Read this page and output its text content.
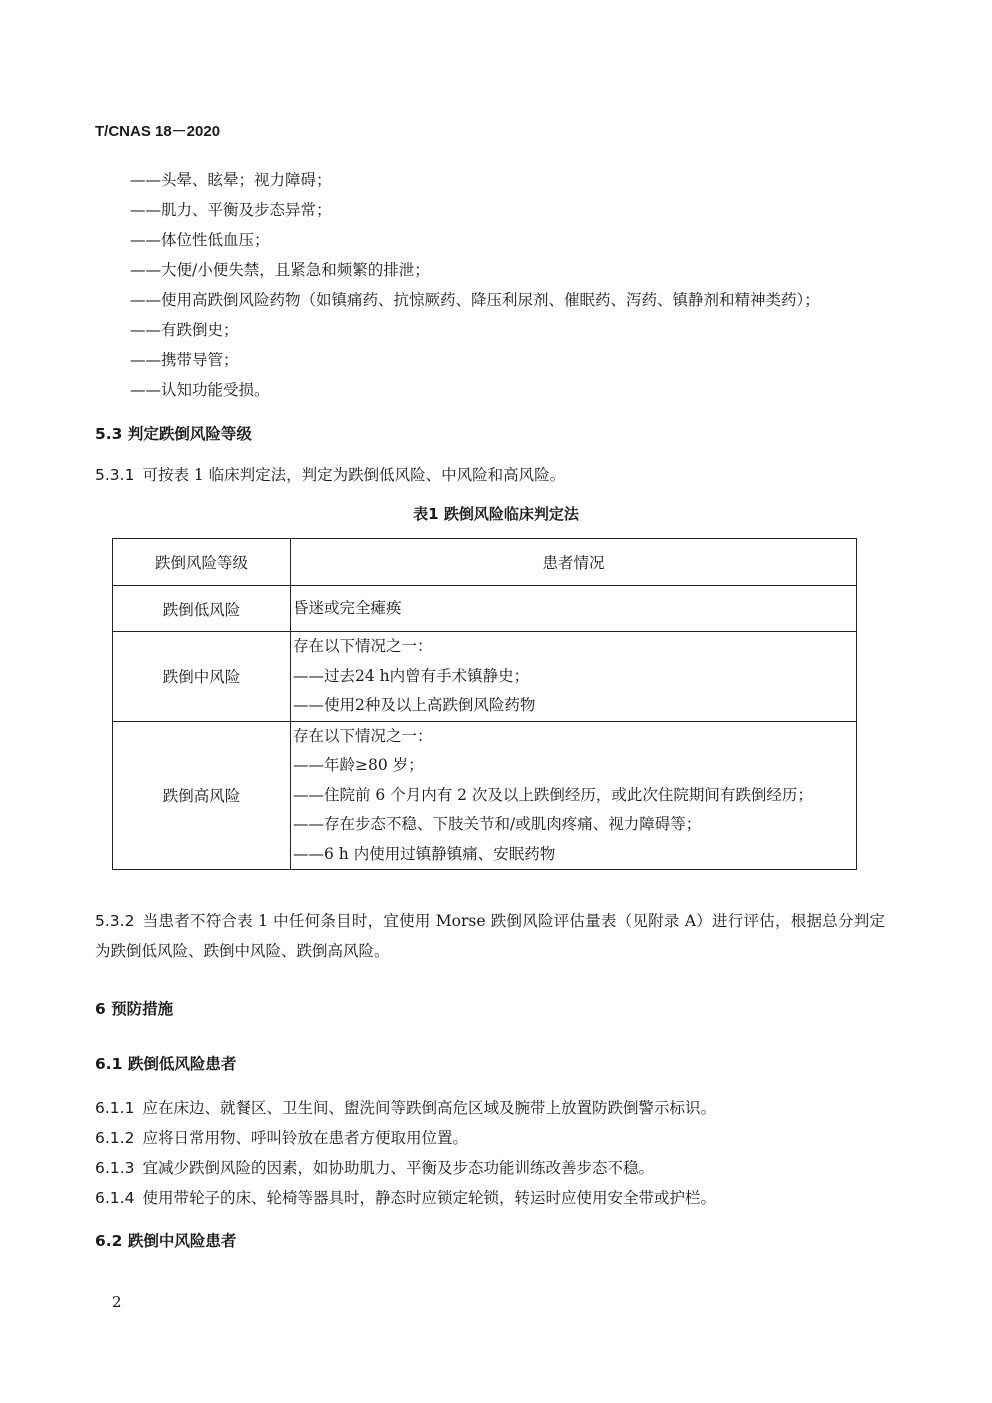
T/CNAS 18－2020
——头晕、眩晕；视力障碍；
——肌力、平衡及步态异常；
——体位性低血压；
——大便/小便失禁，且紧急和频繁的排泄；
——使用高跌倒风险药物（如镇痛药、抗惊厥药、降压利尿剂、催眠药、泻药、镇静剂和精神类药）；
——有跌倒史；
——携带导管；
——认知功能受损。
5.3 判定跌倒风险等级
5.3.1 可按表 1 临床判定法，判定为跌倒低风险、中风险和高风险。
表1 跌倒风险临床判定法
跌倒风险等级	患者情况
跌倒低风险	昏迷或完全瘫痪

跌倒中风险	存在以下情况之一：
——过去24 h内曾有手术镇静史；
——使用2种及以上高跌倒风险药物

跌倒高风险	存在以下情况之一：
——年龄≥80 岁；
——住院前 6 个月内有 2 次及以上跌倒经历，或此次住院期间有跌倒经历；
——存在步态不稳、下肢关节和/或肌肉疼痛、视力障碍等；
——6 h 内使用过镇静镇痛、安眠药物
5.3.2 当患者不符合表 1 中任何条目时，宜使用 Morse 跌倒风险评估量表（见附录 A）进行评估，根据总分判定为跌倒低风险、跌倒中风险、跌倒高风险。
6 预防措施
6.1 跌倒低风险患者
6.1.1 应在床边、就餐区、卫生间、盥洗间等跌倒高危区域及腕带上放置防跌倒警示标识。
6.1.2 应将日常用物、呼叫铃放在患者方便取用位置。
6.1.3 宜减少跌倒风险的因素，如协助肌力、平衡及步态功能训练改善步态不稳。
6.1.4 使用带轮子的床、轮椅等器具时，静态时应锁定轮锁，转运时应使用安全带或护栏。
6.2 跌倒中风险患者
2
